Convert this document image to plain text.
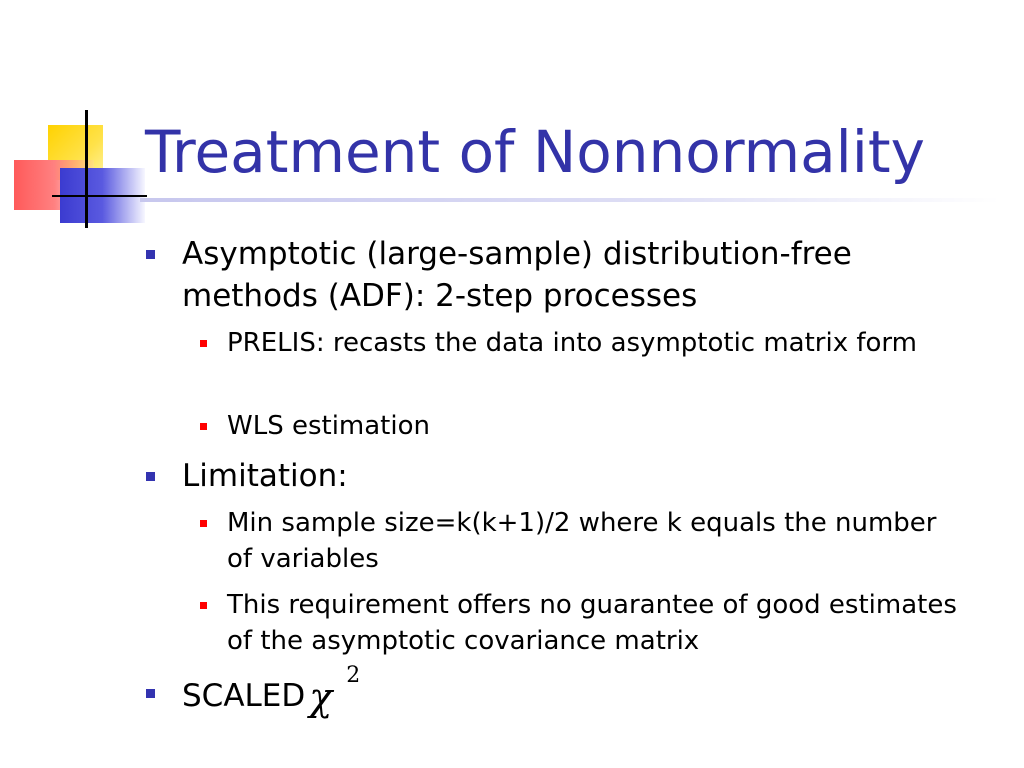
Treatment of Nonnormality
Asymptotic (large-sample) distribution-free methods (ADF): 2-step processes
PRELIS: recasts the data into asymptotic matrix form
WLS estimation
Limitation:
Min sample size=k(k+1)/2 where k equals the number of variables
This requirement offers no guarantee of good estimates of the asymptotic covariance matrix
SCALED χ $^2$
